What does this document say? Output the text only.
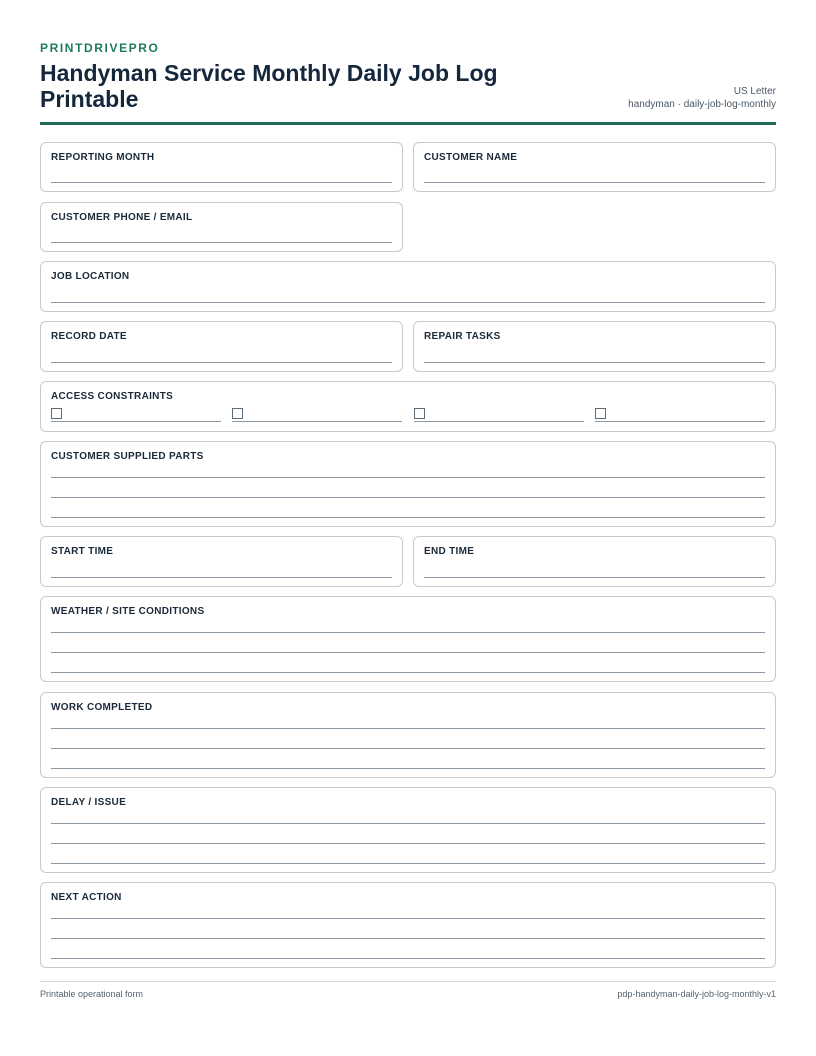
PRINTDRIVEPRO
Handyman Service Monthly Daily Job Log Printable	US Letter
handyman · daily-job-log-monthly
REPORTING MONTH	CUSTOMER NAME
CUSTOMER PHONE / EMAIL
JOB LOCATION
RECORD DATE	REPAIR TASKS
ACCESS CONSTRAINTS
CUSTOMER SUPPLIED PARTS
START TIME	END TIME
WEATHER / SITE CONDITIONS
WORK COMPLETED
DELAY / ISSUE
NEXT ACTION
Printable operational form	pdp-handyman-daily-job-log-monthly-v1
